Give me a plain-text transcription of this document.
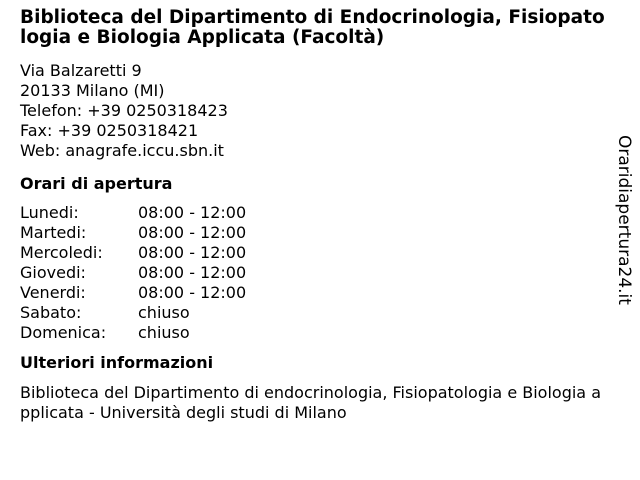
Biblioteca del Dipartimento di Endocrinologia, Fisiopatologia e Biologia Applicata (Facoltà)
Via Balzaretti 9
20133 Milano (MI)
Telefon: +39 0250318423
Fax: +39 0250318421
Web: anagrafe.iccu.sbn.it
Orari di apertura
Lunedi:	08:00 - 12:00
Martedi:	08:00 - 12:00
Mercoledi:	08:00 - 12:00
Giovedi:	08:00 - 12:00
Venerdi:	08:00 - 12:00
Sabato:	chiuso
Domenica:	chiuso
Ulteriori informazioni
Biblioteca del Dipartimento di endocrinologia, Fisiopatologia e Biologia applicata - Università degli studi di Milano
Oraridiapertura24.it
